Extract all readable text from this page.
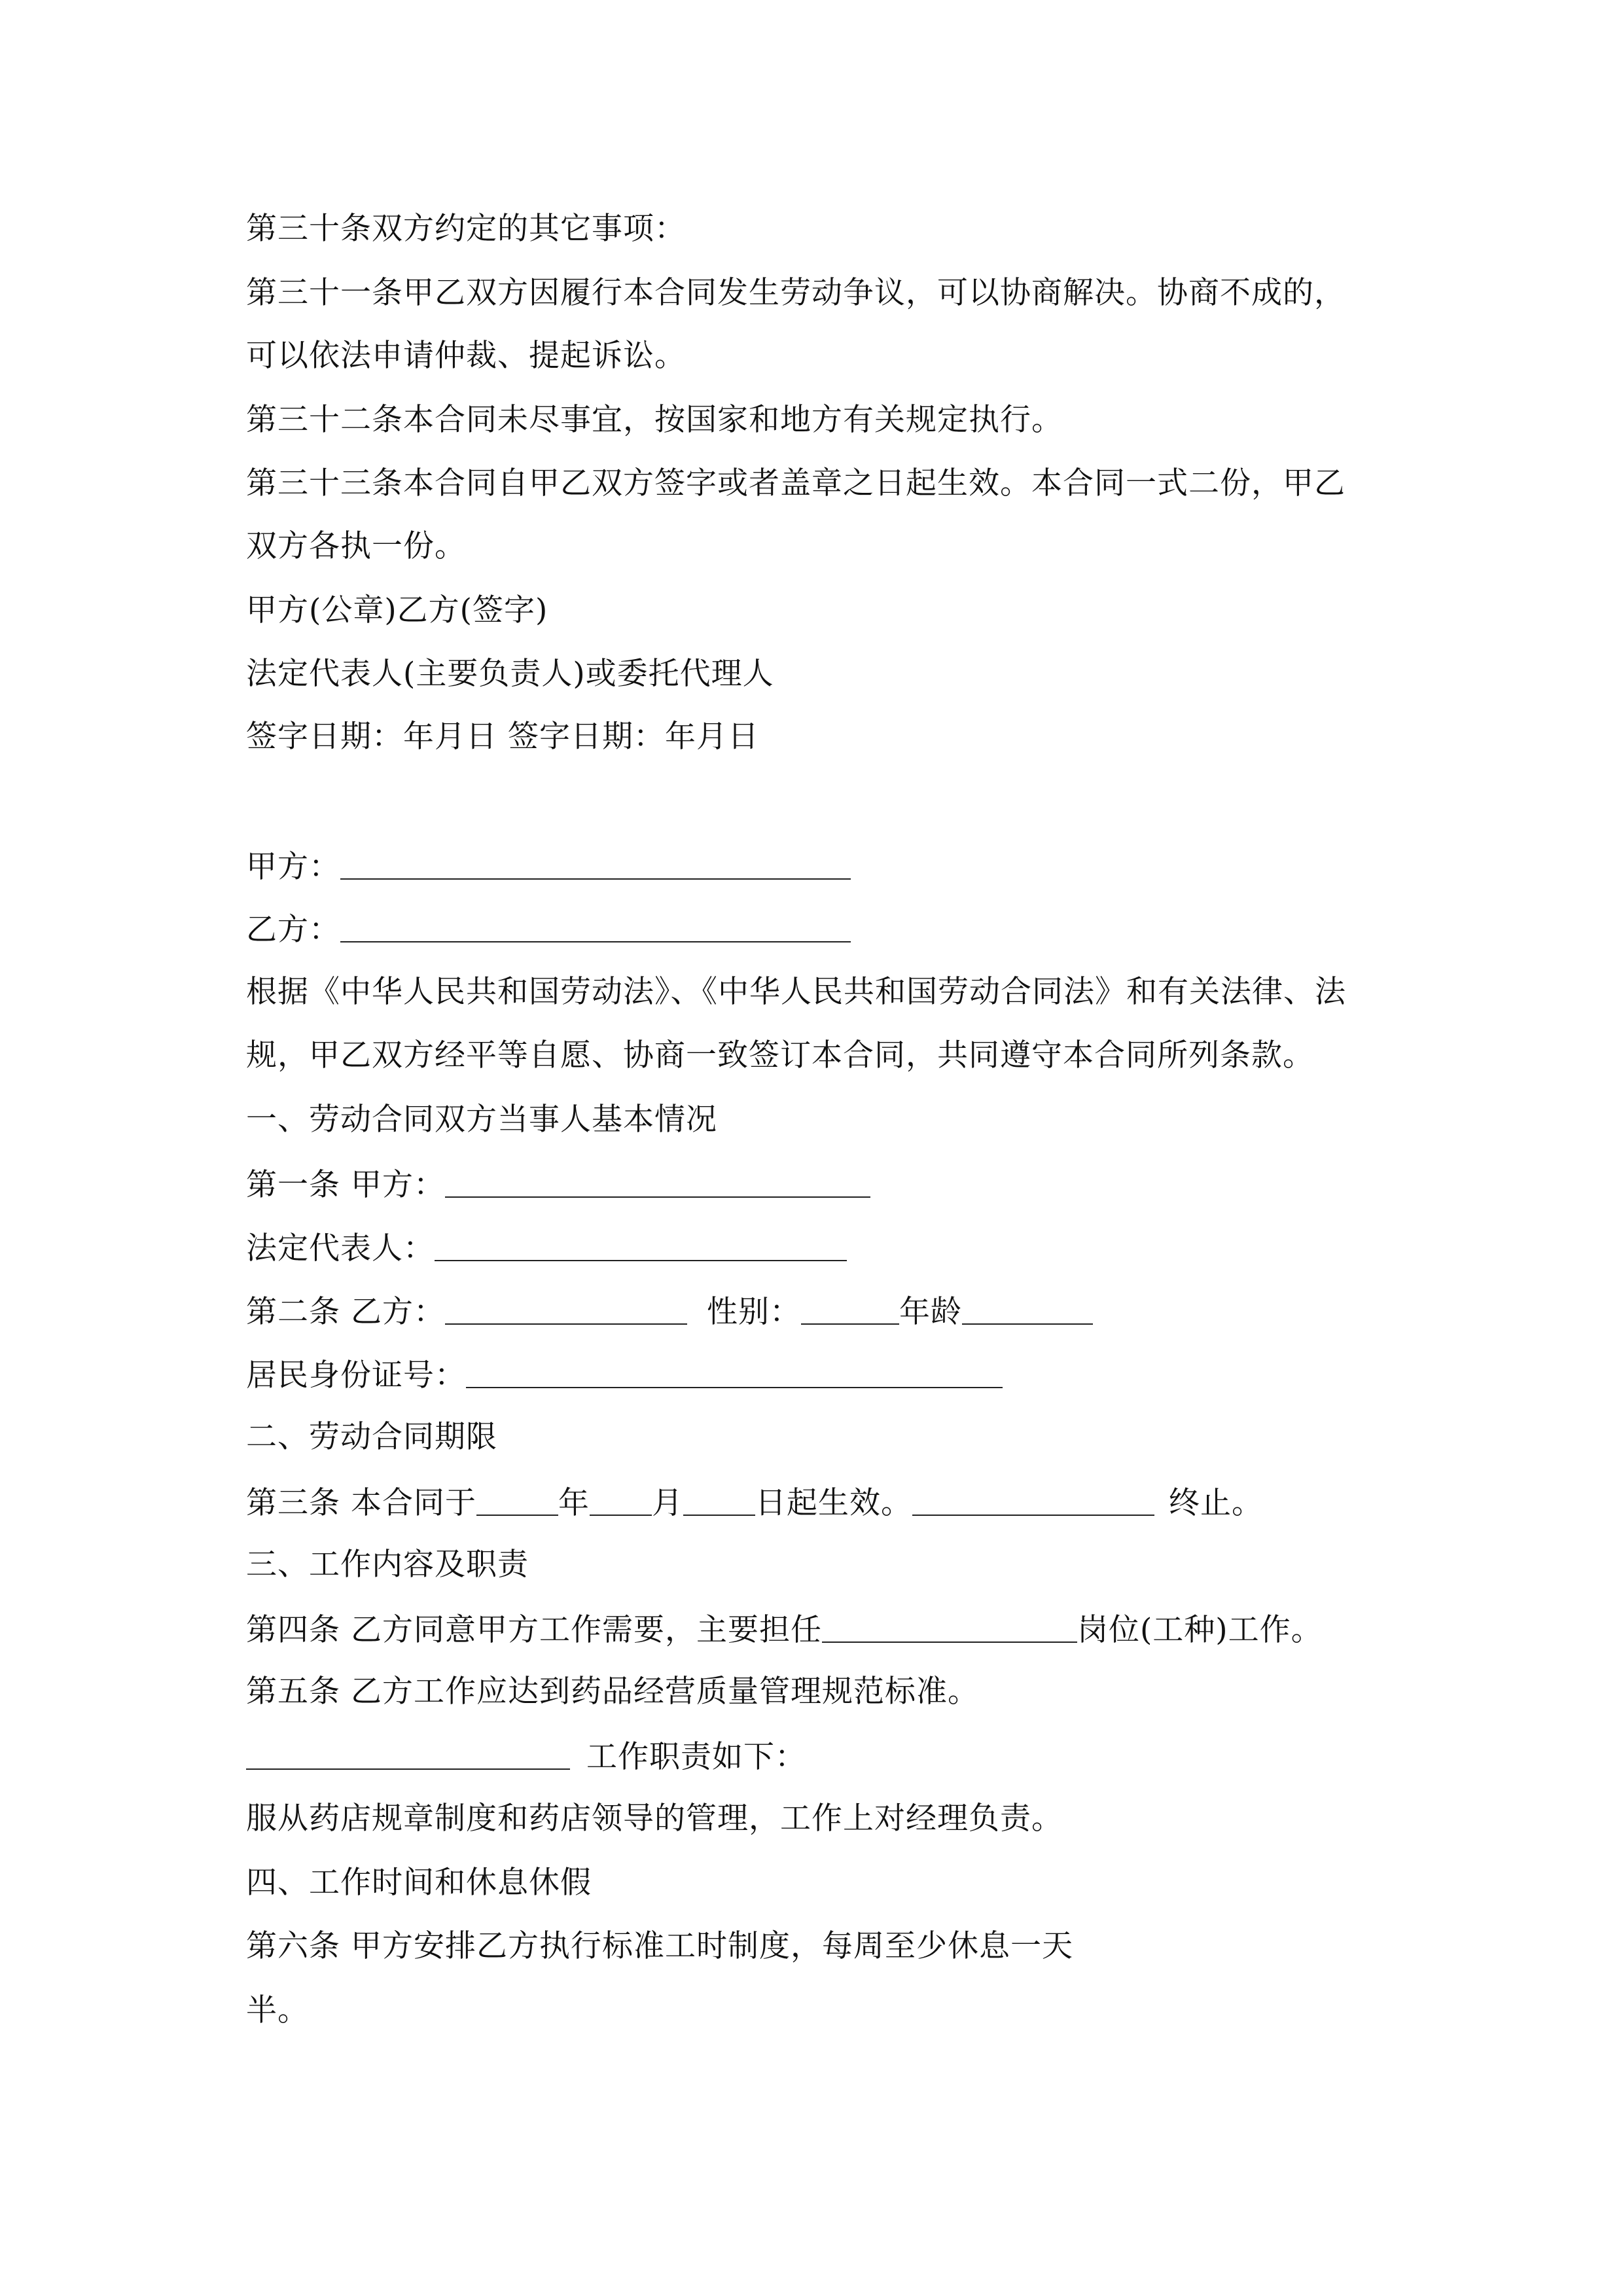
第三十条双方约定的其它事项：
第三十一条甲乙双方因履行本合同发生劳动争议，可以协商解决。协商不成的，
可以依法申请仲裁、提起诉讼。
第三十二条本合同未尽事宜，按国家和地方有关规定执行。
第三十三条本合同自甲乙双方签字或者盖章之日起生效。本合同一式二份，甲乙
双方各执一份。
甲方(公章)乙方(签字)
法定代表人(主要负责人)或委托代理人
签字日期：年月日 签字日期：年月日
甲方：
乙方：
根据《中华人民共和国劳动法》、《中华人民共和国劳动合同法》和有关法律、法
规，甲乙双方经平等自愿、协商一致签订本合同，共同遵守本合同所列条款。
一、劳动合同双方当事人基本情况
第一条 甲方：
法定代表人：
第二条 乙方：	性别：	年龄
居民身份证号：
二、劳动合同期限
第三条 本合同于	年 月 日起生效。	终止。
三、工作内容及职责
第四条 乙方同意甲方工作需要，主要担任	岗位(工种)工作。
第五条 乙方工作应达到药品经营质量管理规范标准。
工作职责如下：
服从药店规章制度和药店领导的管理，工作上对经理负责。
四、工作时间和休息休假
第六条 甲方安排乙方执行标准工时制度，每周至少休息一天
半。
